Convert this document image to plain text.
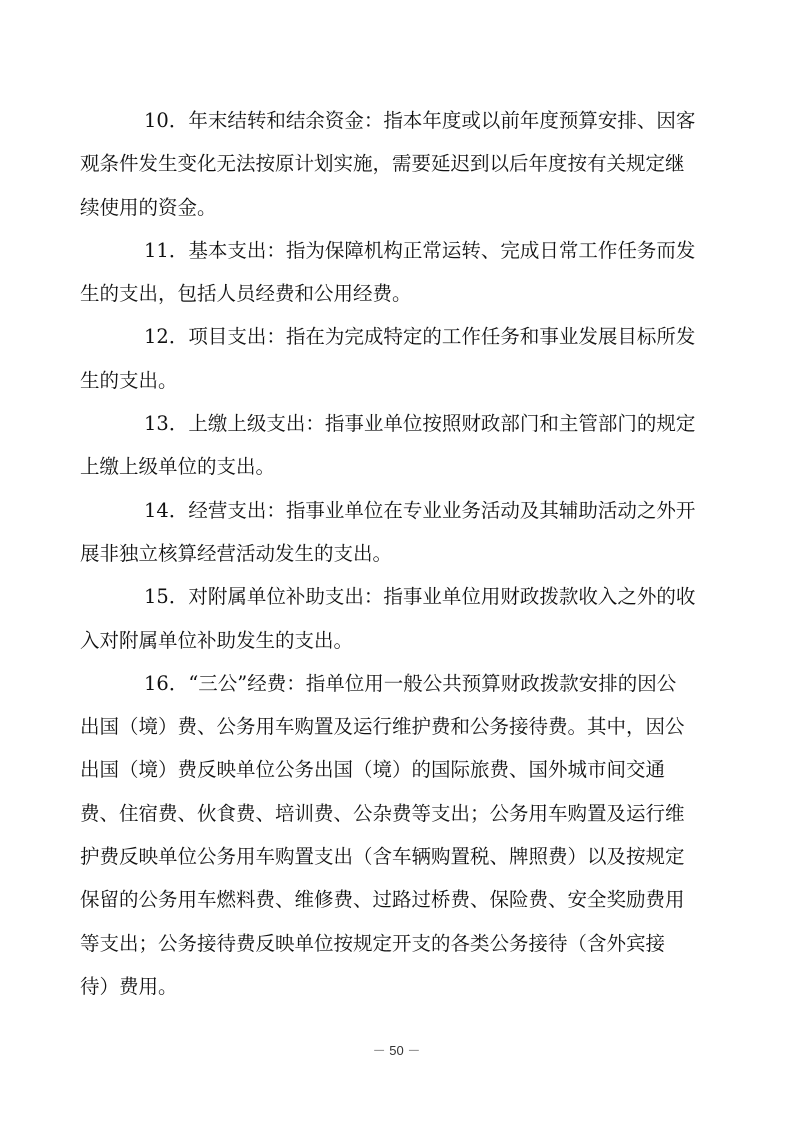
10．年末结转和结余资金：指本年度或以前年度预算安排、因客
观条件发生变化无法按原计划实施，需要延迟到以后年度按有关规定继
续使用的资金。
11．基本支出：指为保障机构正常运转、完成日常工作任务而发
生的支出，包括人员经费和公用经费。
12．项目支出：指在为完成特定的工作任务和事业发展目标所发
生的支出。
13．上缴上级支出：指事业单位按照财政部门和主管部门的规定
上缴上级单位的支出。
14．经营支出：指事业单位在专业业务活动及其辅助活动之外开
展非独立核算经营活动发生的支出。
15．对附属单位补助支出：指事业单位用财政拨款收入之外的收
入对附属单位补助发生的支出。
16．“三公”经费：指单位用一般公共预算财政拨款安排的因公
出国（境）费、公务用车购置及运行维护费和公务接待费。其中，因公
出国（境）费反映单位公务出国（境）的国际旅费、国外城市间交通
费、住宿费、伙食费、培训费、公杂费等支出；公务用车购置及运行维
护费反映单位公务用车购置支出（含车辆购置税、牌照费）以及按规定
保留的公务用车燃料费、维修费、过路过桥费、保险费、安全奖励费用
等支出；公务接待费反映单位按规定开支的各类公务接待（含外宾接
待）费用。
－ 50 －
